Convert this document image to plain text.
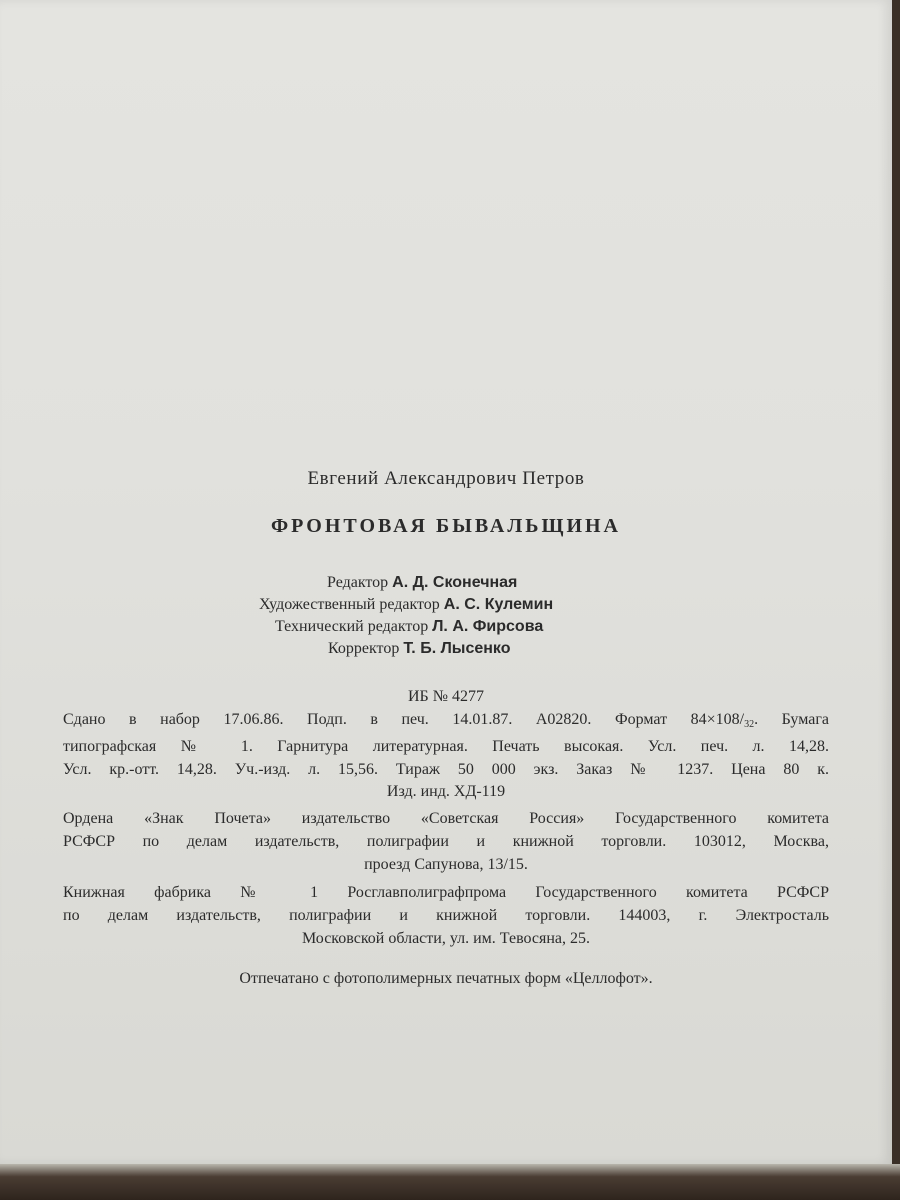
Евгений Александрович Петров
ФРОНТОВАЯ БЫВАЛЬЩИНА
Редактор А. Д. Сконечная
Художественный редактор А. С. Кулемин
Технический редактор Л. А. Фирсова
Корректор Т. Б. Лысенко
ИБ № 4277
Сдано в набор 17.06.86. Подп. в печ. 14.01.87. А02820. Формат $84\times 108/_{32}$. Бумага
типографская № 1. Гарнитура литературная. Печать высокая. Усл. печ. л. 14,28.
Усл. кр.-отт. 14,28. Уч.-изд. л. 15,56. Тираж 50 000 экз. Заказ № 1237. Цена 80 к.
Изд. инд. ХД-119
Ордена «Знак Почета» издательство «Советская Россия» Государственного комитета
РСФСР по делам издательств, полиграфии и книжной торговли. 103012, Москва,
проезд Сапунова, 13/15.
Книжная фабрика № 1 Росглавполиграфпрома Государственного комитета РСФСР
по делам издательств, полиграфии и книжной торговли. 144003, г. Электросталь
Московской области, ул. им. Тевосяна, 25.
Отпечатано с фотополимерных печатных форм «Целлофот».
